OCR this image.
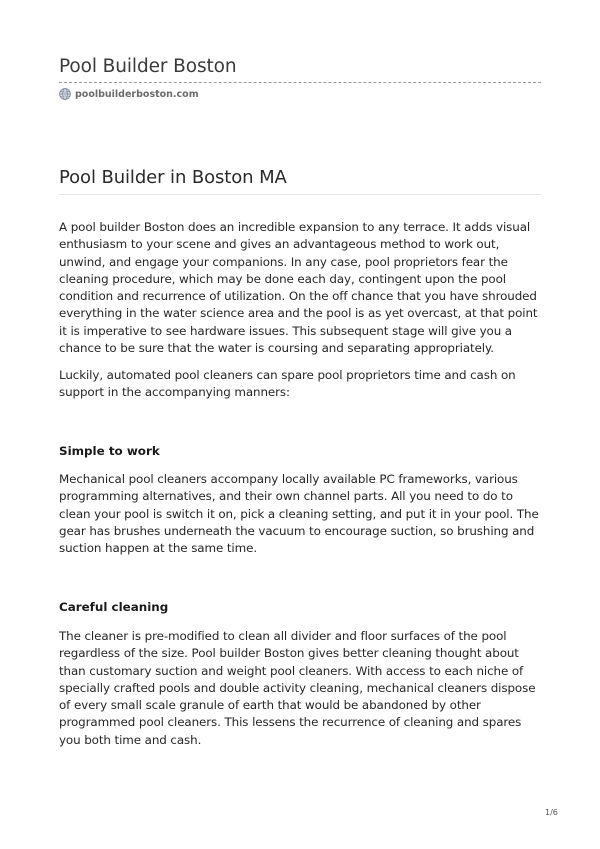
Pool Builder Boston
poolbuilderboston.com
Pool Builder in Boston MA

A pool builder Boston does an incredible expansion to any terrace. It adds visual enthusiasm to your scene and gives an advantageous method to work out, unwind, and engage your companions. In any case, pool proprietors fear the cleaning procedure, which may be done each day, contingent upon the pool condition and recurrence of utilization. On the off chance that you have shrouded everything in the water science area and the pool is as yet overcast, at that point it is imperative to see hardware issues. This subsequent stage will give you a chance to be sure that the water is coursing and separating appropriately.

Luckily, automated pool cleaners can spare pool proprietors time and cash on support in the accompanying manners:

Simple to work

Mechanical pool cleaners accompany locally available PC frameworks, various programming alternatives, and their own channel parts. All you need to do to clean your pool is switch it on, pick a cleaning setting, and put it in your pool. The gear has brushes underneath the vacuum to encourage suction, so brushing and suction happen at the same time.

Careful cleaning

The cleaner is pre-modified to clean all divider and floor surfaces of the pool regardless of the size. Pool builder Boston gives better cleaning thought about than customary suction and weight pool cleaners. With access to each niche of specially crafted pools and double activity cleaning, mechanical cleaners dispose of every small scale granule of earth that would be abandoned by other programmed pool cleaners. This lessens the recurrence of cleaning and spares you both time and cash.

1/6
